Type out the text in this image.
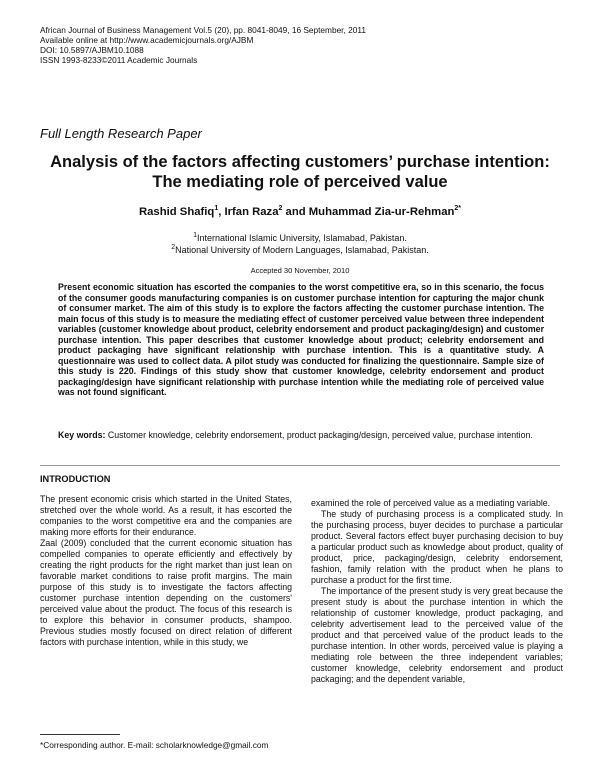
African Journal of Business Management Vol.5 (20), pp. 8041-8049, 16 September, 2011
Available online at http://www.academicjournals.org/AJBM
DOI: 10.5897/AJBM10.1088
ISSN 1993-8233©2011 Academic Journals
Full Length Research Paper
Analysis of the factors affecting customers’ purchase intention: The mediating role of perceived value
Rashid Shafiq$^1$, Irfan Raza$^2$ and Muhammad Zia-ur-Rehman$^{2*}$
$^1$International Islamic University, Islamabad, Pakistan.
$^2$National University of Modern Languages, Islamabad, Pakistan.
Accepted 30 November, 2010
Present economic situation has escorted the companies to the worst competitive era, so in this scenario, the focus of the consumer goods manufacturing companies is on customer purchase intention for capturing the major chunk of consumer market. The aim of this study is to explore the factors affecting the customer purchase intention. The main focus of this study is to measure the mediating effect of customer perceived value between three independent variables (customer knowledge about product, celebrity endorsement and product packaging/design) and customer purchase intention. This paper describes that customer knowledge about product; celebrity endorsement and product packaging have significant relationship with purchase intention. This is a quantitative study. A questionnaire was used to collect data. A pilot study was conducted for finalizing the questionnaire. Sample size of this study is 220. Findings of this study show that customer knowledge, celebrity endorsement and product packaging/design have significant relationship with purchase intention while the mediating role of perceived value was not found significant.
Key words: Customer knowledge, celebrity endorsement, product packaging/design, perceived value, purchase intention.
INTRODUCTION

The present economic crisis which started in the United States, stretched over the whole world. As a result, it has escorted the companies to the worst competitive era and the companies are making more efforts for their endurance.

Zaal (2009) concluded that the current economic situation has compelled companies to operate efficiently and effectively by creating the right products for the right market than just lean on favorable market conditions to raise profit margins. The main purpose of this study is to investigate the factors affecting customer purchase intention depending on the customers' perceived value about the product. The focus of this research is to explore this behavior in consumer products, shampoo. Previous studies mostly focused on direct relation of different factors with purchase intention, while in this study, we

examined the role of perceived value as a mediating variable.

The study of purchasing process is a complicated study. In the purchasing process, buyer decides to purchase a particular product. Several factors effect buyer purchasing decision to buy a particular product such as knowledge about product, quality of product, price, packaging/design, celebrity endorsement, fashion, family relation with the product when he plans to purchase a product for the first time.

The importance of the present study is very great because the present study is about the purchase intention in which the relationship of customer knowledge, product packaging, and celebrity advertisement lead to the perceived value of the product and that perceived value of the product leads to the purchase intention. In other words, perceived value is playing a mediating role between the three independent variables; customer knowledge, celebrity endorsement and product packaging; and the dependent variable,

*Corresponding author. E-mail: scholarknowledge@gmail.com
